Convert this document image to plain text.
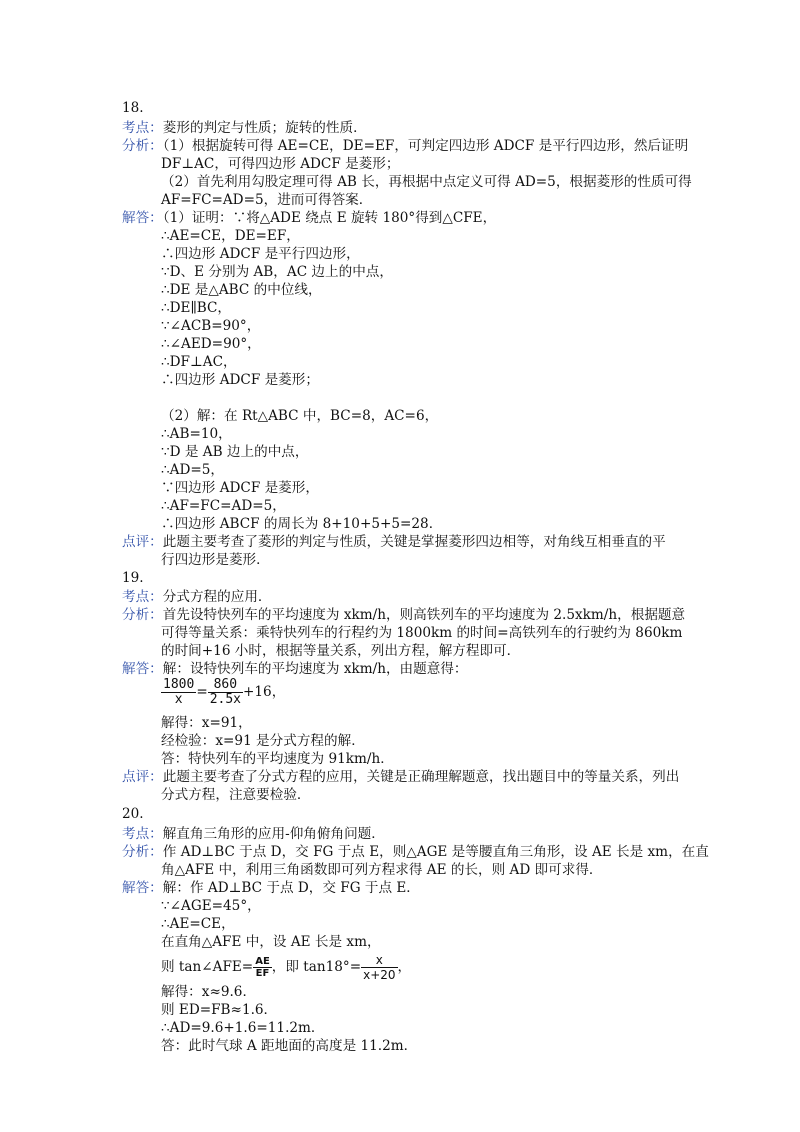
18.
考点：菱形的判定与性质；旋转的性质．
分析：（1）根据旋转可得 AE=CE，DE=EF，可判定四边形 ADCF 是平行四边形，然后证明
DF⊥AC，可得四边形 ADCF 是菱形；
（2）首先利用勾股定理可得 AB 长，再根据中点定义可得 AD=5，根据菱形的性质可得
AF=FC=AD=5，进而可得答案．
解答：（1）证明：∵将△ADE 绕点 E 旋转 180°得到△CFE，
∴AE=CE，DE=EF，
∴四边形 ADCF 是平行四边形，
∵D、E 分别为 AB，AC 边上的中点，
∴DE 是△ABC 的中位线，
∴DE∥BC，
∵∠ACB=90°，
∴∠AED=90°，
∴DF⊥AC，
∴四边形 ADCF 是菱形；
（2）解：在 Rt△ABC 中，BC=8，AC=6，
∴AB=10，
∵D 是 AB 边上的中点，
∴AD=5，
∵四边形 ADCF 是菱形，
∴AF=FC=AD=5，
∴四边形 ABCF 的周长为 8+10+5+5=28．
点评：此题主要考查了菱形的判定与性质，关键是掌握菱形四边相等，对角线互相垂直的平
行四边形是菱形．
19.
考点：分式方程的应用．
分析：首先设特快列车的平均速度为 xkm/h，则高铁列车的平均速度为 2.5xkm/h，根据题意
可得等量关系：乘特快列车的行程约为 1800km 的时间=高铁列车的行驶约为 860km
的时间+16 小时，根据等量关系，列出方程，解方程即可．
解答：解：设特快列车的平均速度为 xkm/h，由题意得：
$\frac{1800}{x} = \frac{860}{2.5x} +16$，
解得：x=91，
经检验：x=91 是分式方程的解．
答：特快列车的平均速度为 91km/h．
点评：此题主要考查了分式方程的应用，关键是正确理解题意，找出题目中的等量关系，列出
分式方程，注意要检验．
20.
考点：解直角三角形的应用-仰角俯角问题．
分析：作 AD⊥BC 于点 D，交 FG 于点 E，则△AGE 是等腰直角三角形，设 AE 长是 xm，在直
角△AFE 中，利用三角函数即可列方程求得 AE 的长，则 AD 即可求得．
解答：解：作 AD⊥BC 于点 D，交 FG 于点 E．
∵∠AGE=45°，
∴AE=CE，
在直角△AFE 中，设 AE 长是 xm，
则 tan∠AFE= $\frac{AE}{EF}$ ，即 $\tan 18^\circ= \frac{x}{x+20}$ ，
解得：x≈9.6．
则 ED=FB≈1.6．
∴AD=9.6+1.6=11.2m．
答：此时气球 A 距地面的高度是 11.2m．
